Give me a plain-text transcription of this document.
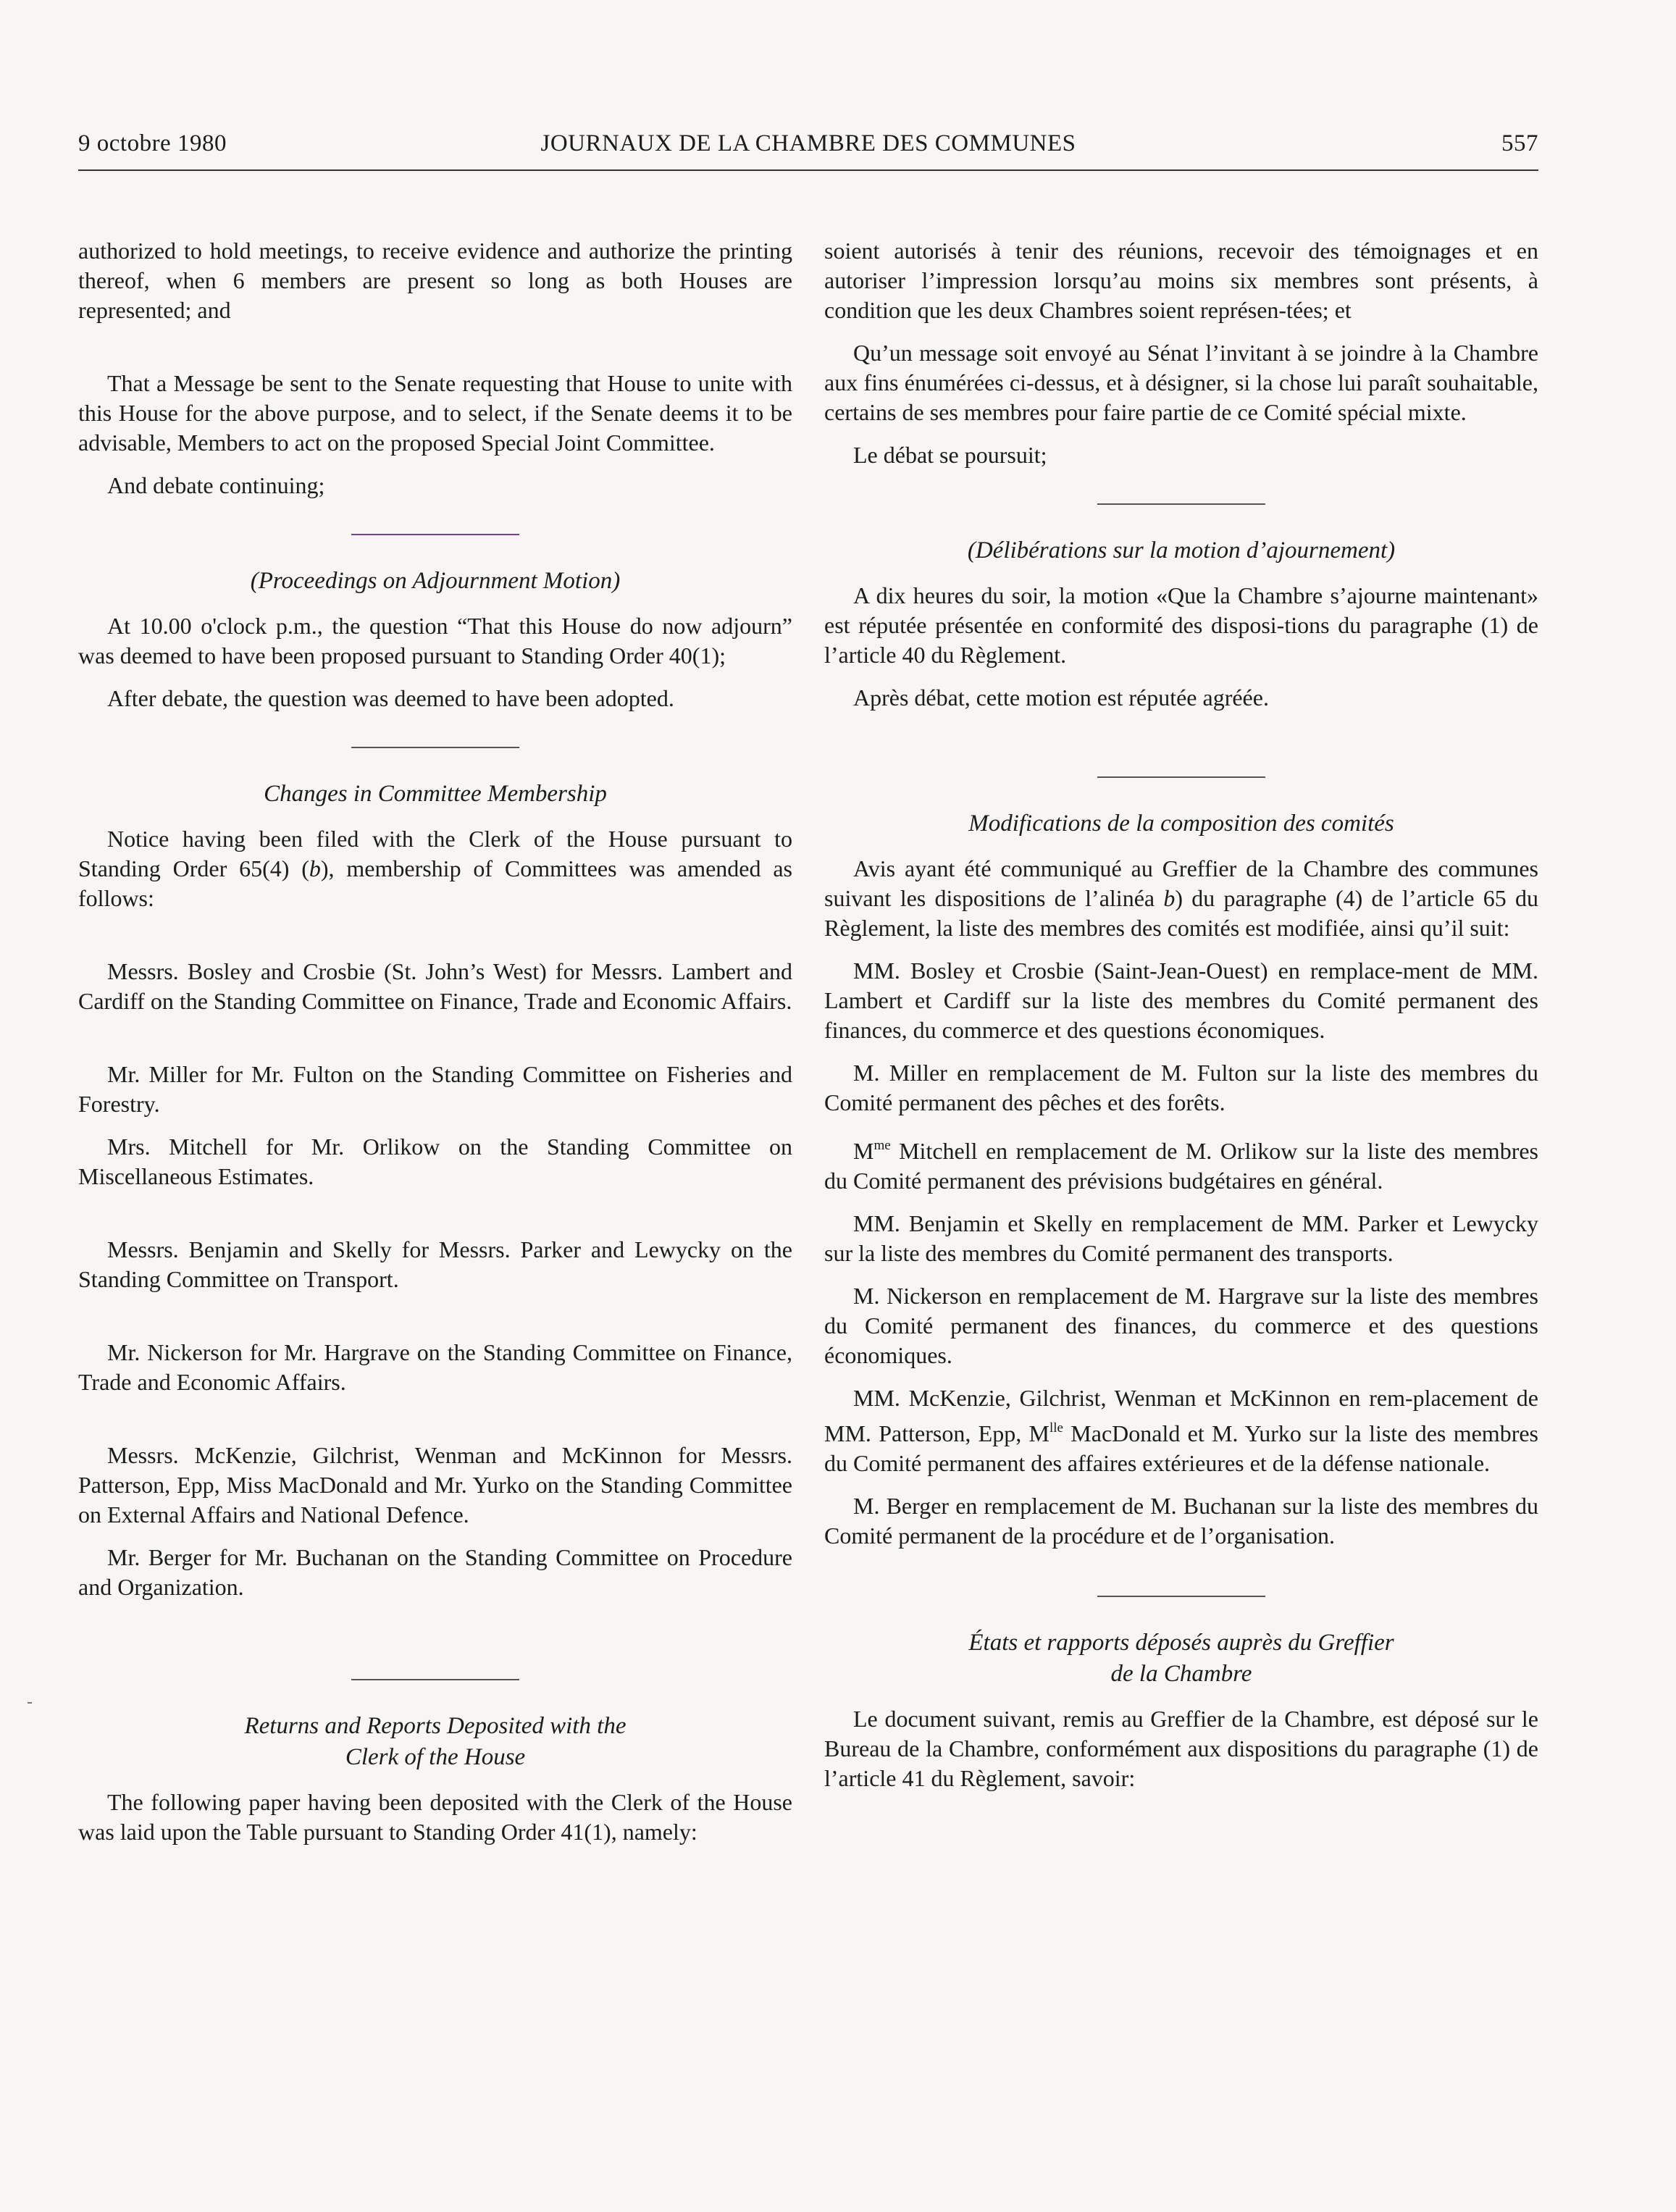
9 octobre 1980	JOURNAUX DE LA CHAMBRE DES COMMUNES	557

authorized to hold meetings, to receive evidence and authorize the printing thereof, when 6 members are present so long as both Houses are represented; and

That a Message be sent to the Senate requesting that House to unite with this House for the above purpose, and to select, if the Senate deems it to be advisable, Members to act on the proposed Special Joint Committee.

And debate continuing;

(Proceedings on Adjournment Motion)

At 10.00 o'clock p.m., the question “That this House do now adjourn” was deemed to have been proposed pursuant to Standing Order 40(1);

After debate, the question was deemed to have been adopted.

Changes in Committee Membership

Notice having been filed with the Clerk of the House pursuant to Standing Order 65(4) (b), membership of Committees was amended as follows:

Messrs. Bosley and Crosbie (St. John’s West) for Messrs. Lambert and Cardiff on the Standing Committee on Finance, Trade and Economic Affairs.

Mr. Miller for Mr. Fulton on the Standing Committee on Fisheries and Forestry.

Mrs. Mitchell for Mr. Orlikow on the Standing Committee on Miscellaneous Estimates.

Messrs. Benjamin and Skelly for Messrs. Parker and Lewycky on the Standing Committee on Transport.

Mr. Nickerson for Mr. Hargrave on the Standing Committee on Finance, Trade and Economic Affairs.

Messrs. McKenzie, Gilchrist, Wenman and McKinnon for Messrs. Patterson, Epp, Miss MacDonald and Mr. Yurko on the Standing Committee on External Affairs and National Defence.

Mr. Berger for Mr. Buchanan on the Standing Committee on Procedure and Organization.

Returns and Reports Deposited with the
Clerk of the House

The following paper having been deposited with the Clerk of the House was laid upon the Table pursuant to Standing Order 41(1), namely:

soient autorisés à tenir des réunions, recevoir des témoignages et en autoriser l’impression lorsqu’au moins six membres sont présents, à condition que les deux Chambres soient représen-tées; et

Qu’un message soit envoyé au Sénat l’invitant à se joindre à la Chambre aux fins énumérées ci-dessus, et à désigner, si la chose lui paraît souhaitable, certains de ses membres pour faire partie de ce Comité spécial mixte.

Le débat se poursuit;

(Délibérations sur la motion d’ajournement)

A dix heures du soir, la motion «Que la Chambre s’ajourne maintenant» est réputée présentée en conformité des disposi-tions du paragraphe (1) de l’article 40 du Règlement.

Après débat, cette motion est réputée agréée.

Modifications de la composition des comités

Avis ayant été communiqué au Greffier de la Chambre des communes suivant les dispositions de l’alinéa b) du paragraphe (4) de l’article 65 du Règlement, la liste des membres des comités est modifiée, ainsi qu’il suit:

MM. Bosley et Crosbie (Saint-Jean-Ouest) en remplace-ment de MM. Lambert et Cardiff sur la liste des membres du Comité permanent des finances, du commerce et des questions économiques.

M. Miller en remplacement de M. Fulton sur la liste des membres du Comité permanent des pêches et des forêts.

$M^{me}$ Mitchell en remplacement de M. Orlikow sur la liste des membres du Comité permanent des prévisions budgétaires en général.

MM. Benjamin et Skelly en remplacement de MM. Parker et Lewycky sur la liste des membres du Comité permanent des transports.

M. Nickerson en remplacement de M. Hargrave sur la liste des membres du Comité permanent des finances, du commerce et des questions économiques.

MM. McKenzie, Gilchrist, Wenman et McKinnon en rem-placement de MM. Patterson, Epp, $M^{lle}$ MacDonald et M. Yurko sur la liste des membres du Comité permanent des affaires extérieures et de la défense nationale.

M. Berger en remplacement de M. Buchanan sur la liste des membres du Comité permanent de la procédure et de l’organisation.

États et rapports déposés auprès du Greffier
de la Chambre

Le document suivant, remis au Greffier de la Chambre, est déposé sur le Bureau de la Chambre, conformément aux dispositions du paragraphe (1) de l’article 41 du Règlement, savoir:
